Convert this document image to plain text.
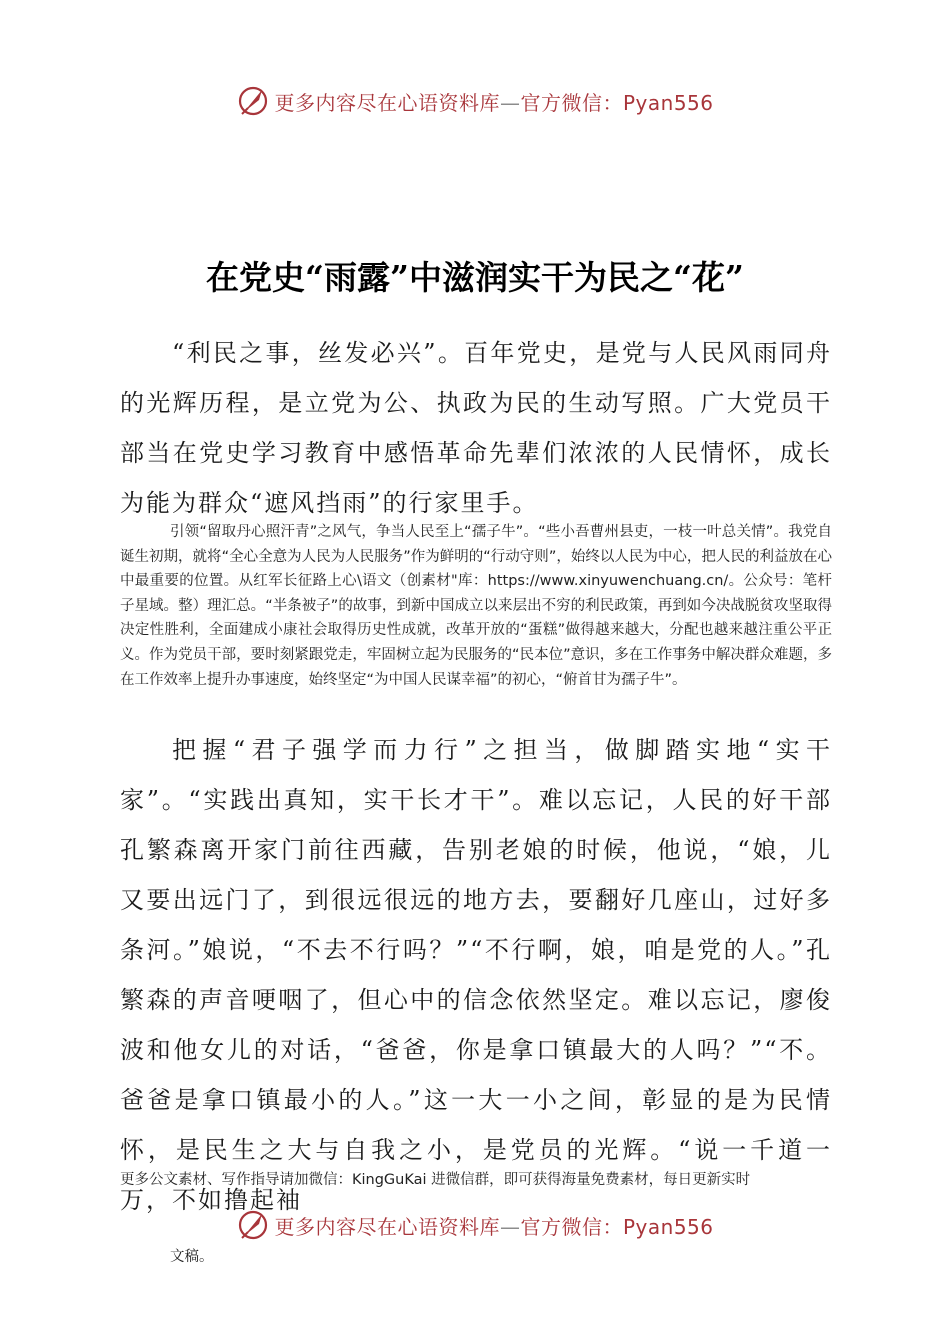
更多内容尽在心语资料库—官方微信：Pyan556
在党史“雨露”中滋润实干为民之“花”

“利民之事，丝发必兴”。百年党史，是党与人民风雨同舟的光辉历程，是立党为公、执政为民的生动写照。广大党员干部当在党史学习教育中感悟革命先辈们浓浓的人民情怀，成长为能为群众“遮风挡雨”的行家里手。

引领“留取丹心照汗青”之风气，争当人民至上“孺子牛”。“些小吾曹州县吏，一枝一叶总关情”。我党自诞生初期，就将“全心全意为人民为人民服务”作为鲜明的“行动守则”，始终以人民为中心，把人民的利益放在心中最重要的位置。从红军长征路上心\语文（创素材"库：https://www.xinyuwenchuang.cn/。公众号：笔杆子星域。整）理汇总。“半条被子”的故事，到新中国成立以来层出不穷的利民政策，再到如今决战脱贫攻坚取得决定性胜利，全面建成小康社会取得历史性成就，改革开放的“蛋糕”做得越来越大，分配也越来越注重公平正义。作为党员干部，要时刻紧跟党走，牢固树立起为民服务的“民本位”意识，多在工作事务中解决群众难题，多在工作效率上提升办事速度，始终坚定“为中国人民谋幸福”的初心，“俯首甘为孺子牛”。

把握“君子强学而力行”之担当，做脚踏实地“实干家”。“实践出真知，实干长才干”。难以忘记，人民的好干部孔繁森离开家门前往西藏，告别老娘的时候，他说，“娘，儿又要出远门了，到很远很远的地方去，要翻好几座山，过好多条河。”娘说，“不去不行吗？”“不行啊，娘，咱是党的人。”孔繁森的声音哽咽了，但心中的信念依然坚定。难以忘记，廖俊波和他女儿的对话，“爸爸，你是拿口镇最大的人吗？”“不。爸爸是拿口镇最小的人。”这一大一小之间，彰显的是为民情怀，是民生之大与自我之小，是党员的光辉。“说一千道一万，不如撸起袖

更多公文素材、写作指导请加微信：KingGuKai 进微信群，即可获得海量免费素材，每日更新实时

更多内容尽在心语资料库—官方微信：Pyan556
文稿。
